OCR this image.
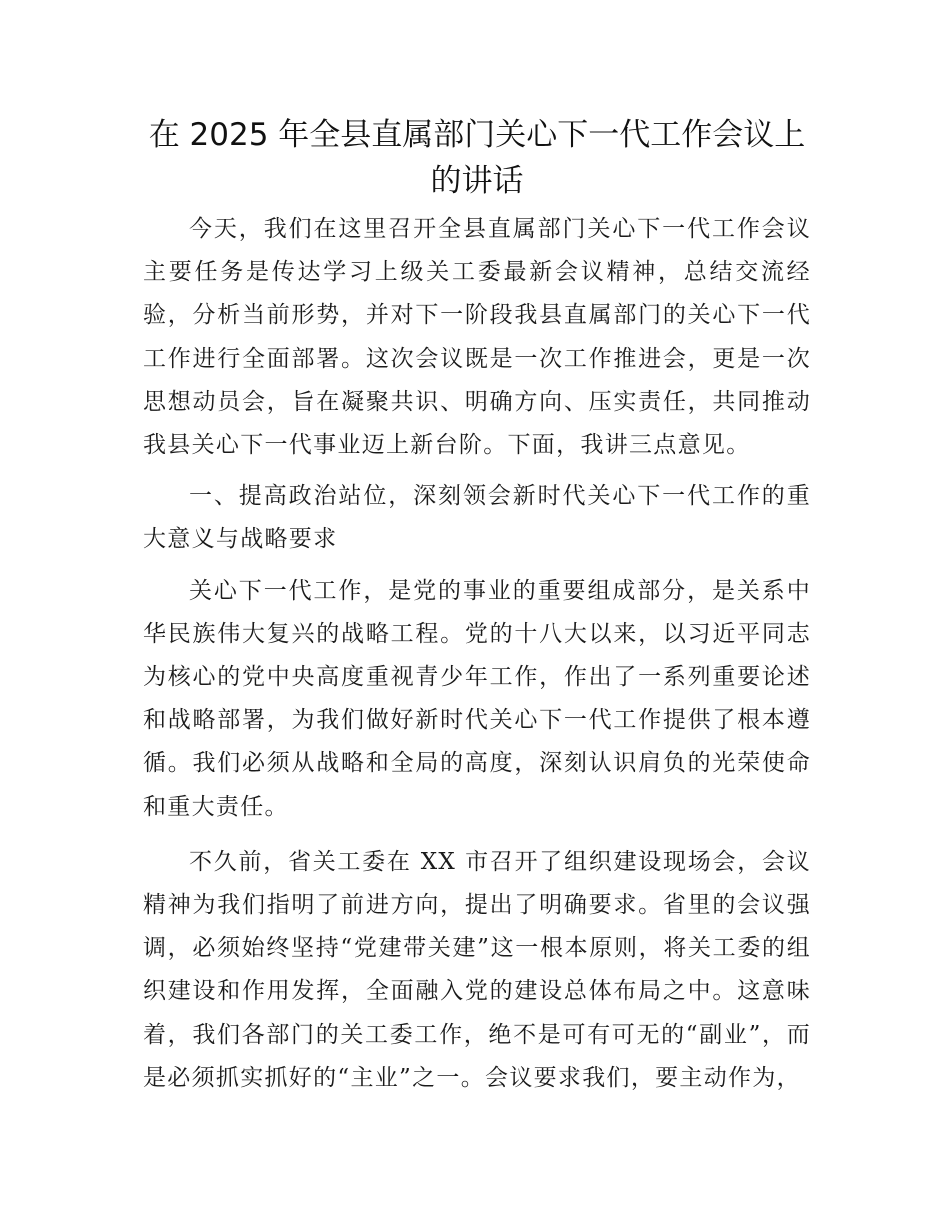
在 2025 年全县直属部门关心下一代工作会议上
的讲话

今天，我们在这里召开全县直属部门关心下一代工作会议主要任务是传达学习上级关工委最新会议精神，总结交流经验，分析当前形势，并对下一阶段我县直属部门的关心下一代工作进行全面部署。这次会议既是一次工作推进会，更是一次思想动员会，旨在凝聚共识、明确方向、压实责任，共同推动我县关心下一代事业迈上新台阶。下面，我讲三点意见。

一、提高政治站位，深刻领会新时代关心下一代工作的重大意义与战略要求

关心下一代工作，是党的事业的重要组成部分，是关系中华民族伟大复兴的战略工程。党的十八大以来，以习近平同志为核心的党中央高度重视青少年工作，作出了一系列重要论述和战略部署，为我们做好新时代关心下一代工作提供了根本遵循。我们必须从战略和全局的高度，深刻认识肩负的光荣使命和重大责任。

不久前，省关工委在 XX 市召开了组织建设现场会，会议精神为我们指明了前进方向，提出了明确要求。省里的会议强调，必须始终坚持“党建带关建”这一根本原则，将关工委的组织建设和作用发挥，全面融入党的建设总体布局之中。这意味着，我们各部门的关工委工作，绝不是可有可无的“副业”，而是必须抓实抓好的“主业”之一。会议要求我们，要主动作为，
